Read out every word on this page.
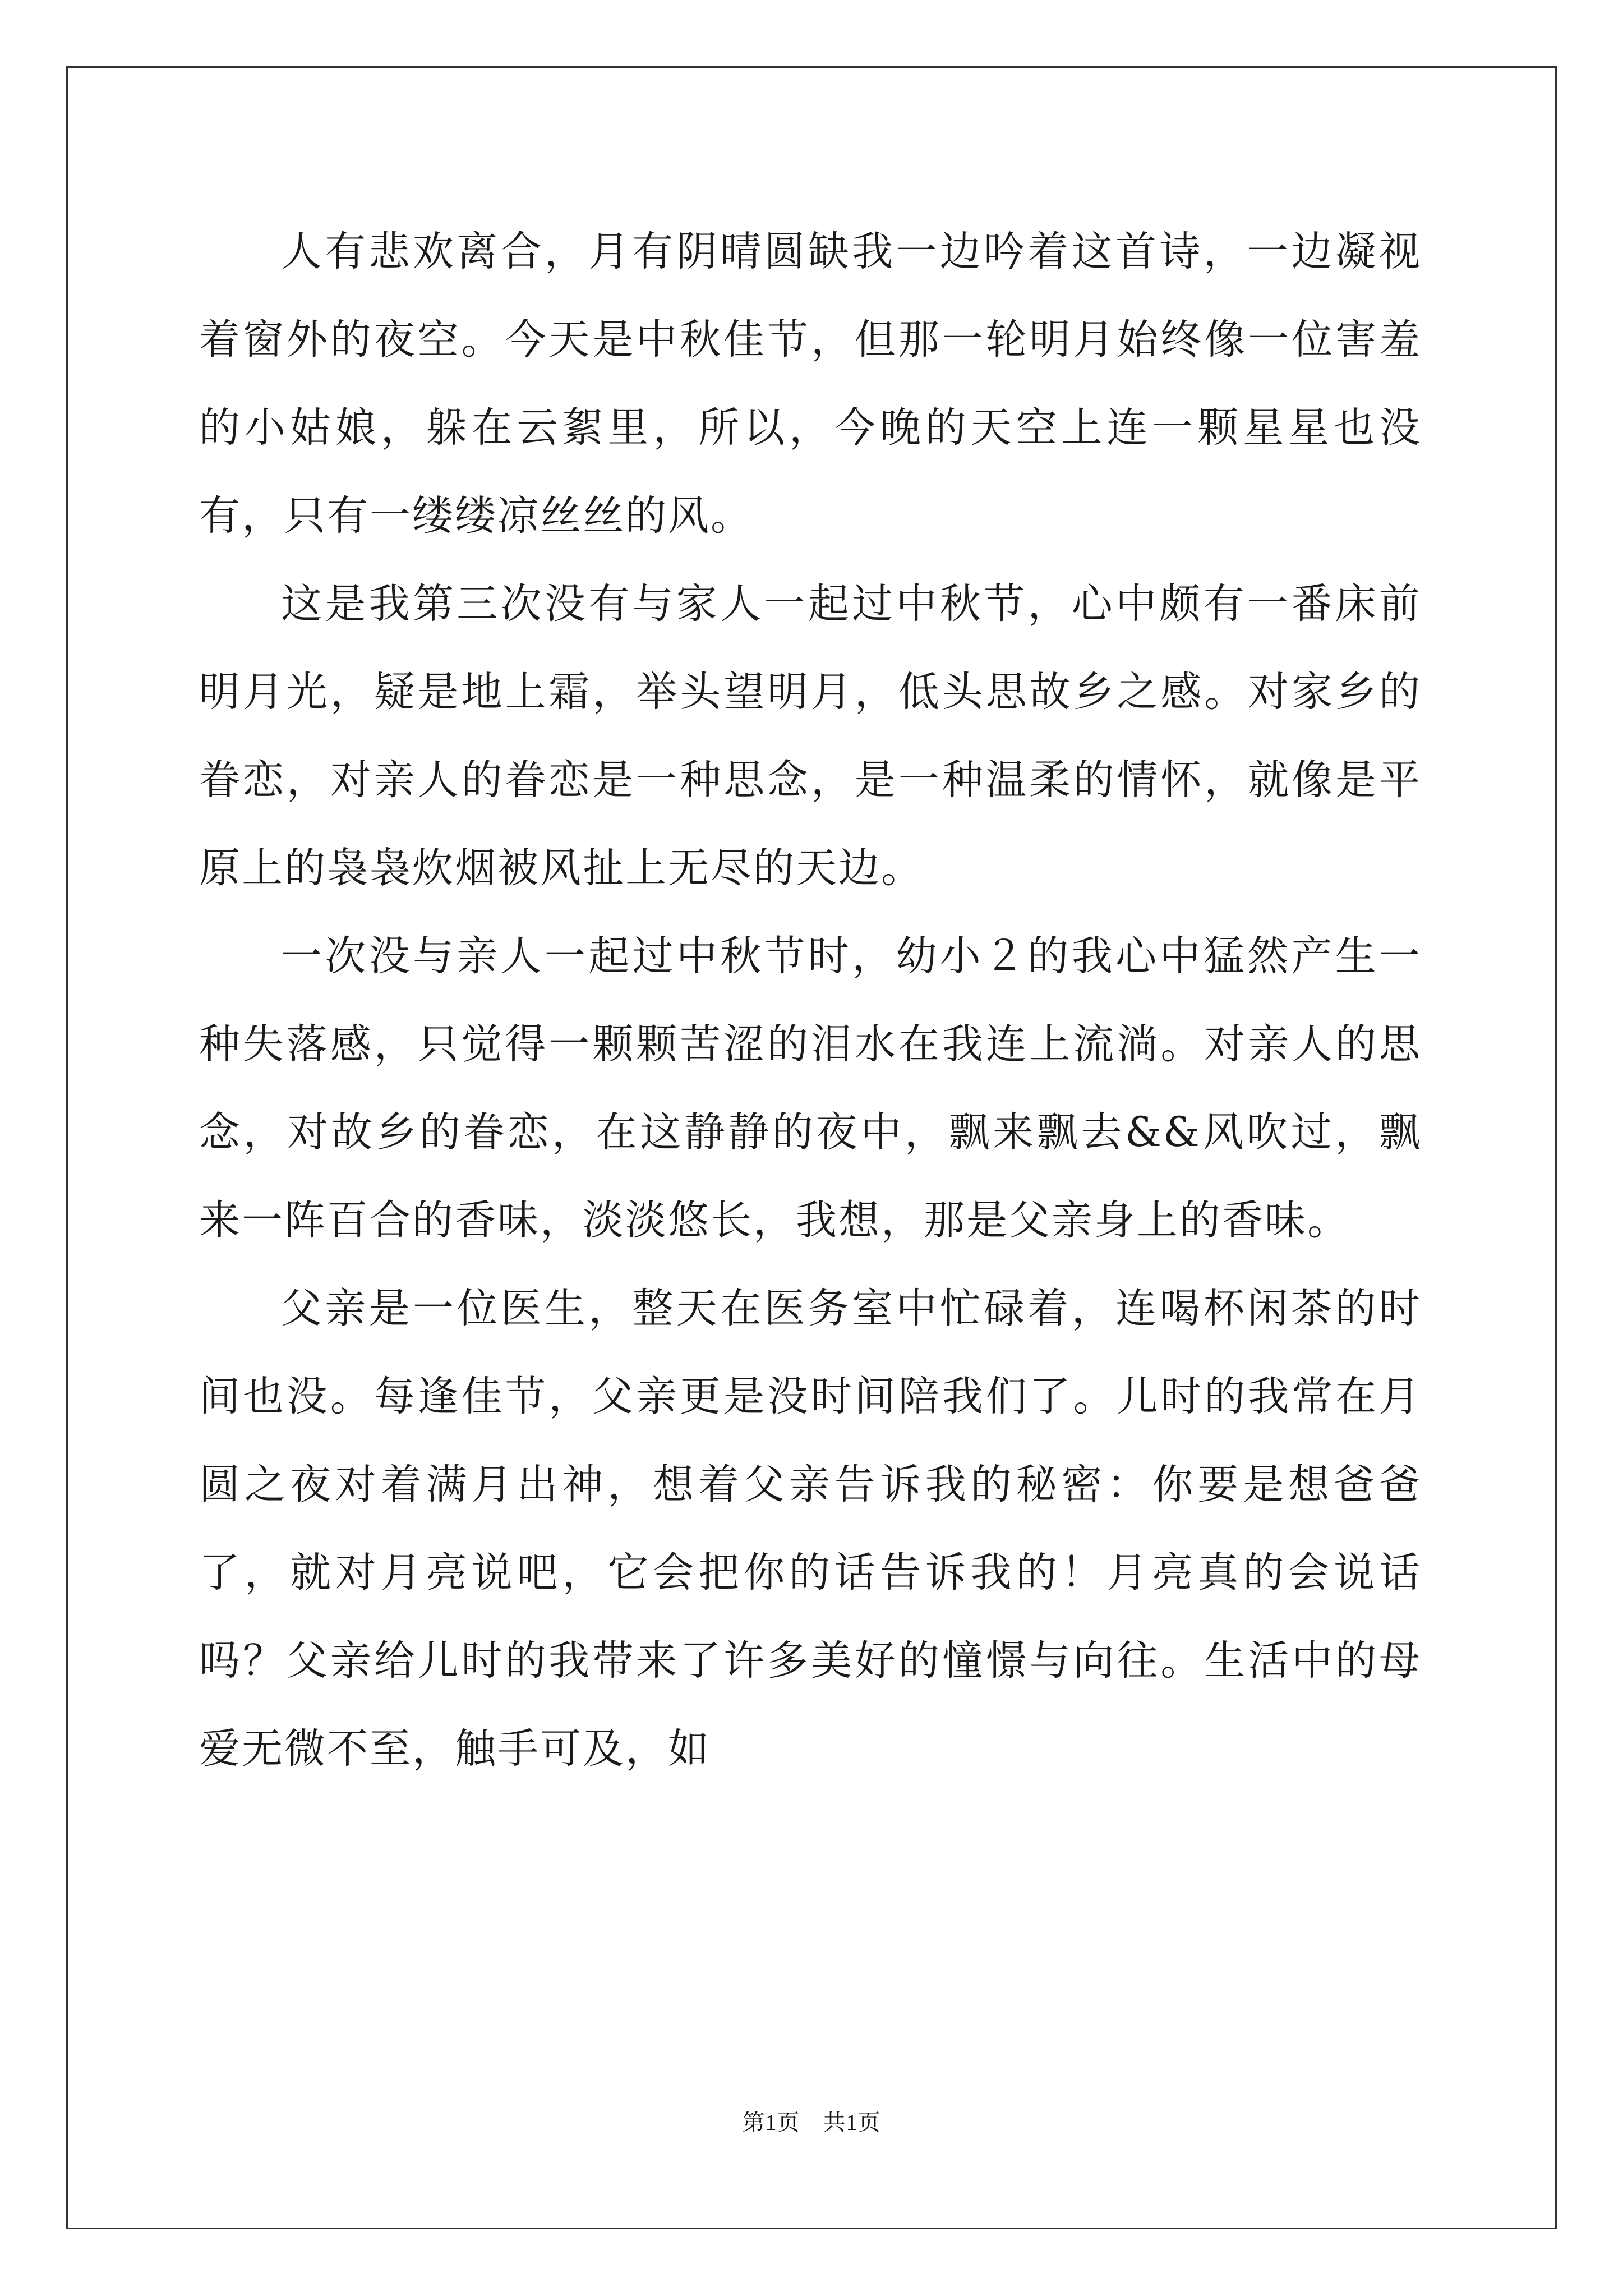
人有悲欢离合，月有阴晴圆缺我一边吟着这首诗，一边凝视着窗外的夜空。今天是中秋佳节，但那一轮明月始终像一位害羞的小姑娘，躲在云絮里，所以，今晚的天空上连一颗星星也没有，只有一缕缕凉丝丝的风。

这是我第三次没有与家人一起过中秋节，心中颇有一番床前明月光，疑是地上霜，举头望明月，低头思故乡之感。对家乡的眷恋，对亲人的眷恋是一种思念，是一种温柔的情怀，就像是平原上的袅袅炊烟被风扯上无尽的天边。

一次没与亲人一起过中秋节时，幼小２的我心中猛然产生一种失落感，只觉得一颗颗苦涩的泪水在我连上流淌。对亲人的思念，对故乡的眷恋，在这静静的夜中，飘来飘去&&风吹过，飘来一阵百合的香味，淡淡悠长，我想，那是父亲身上的香味。

父亲是一位医生，整天在医务室中忙碌着，连喝杯闲茶的时间也没。每逢佳节，父亲更是没时间陪我们了。儿时的我常在月圆之夜对着满月出神，想着父亲告诉我的秘密：你要是想爸爸了，就对月亮说吧，它会把你的话告诉我的！月亮真的会说话吗？父亲给儿时的我带来了许多美好的憧憬与向往。生活中的母爱无微不至，触手可及，如

第1页　共1页
